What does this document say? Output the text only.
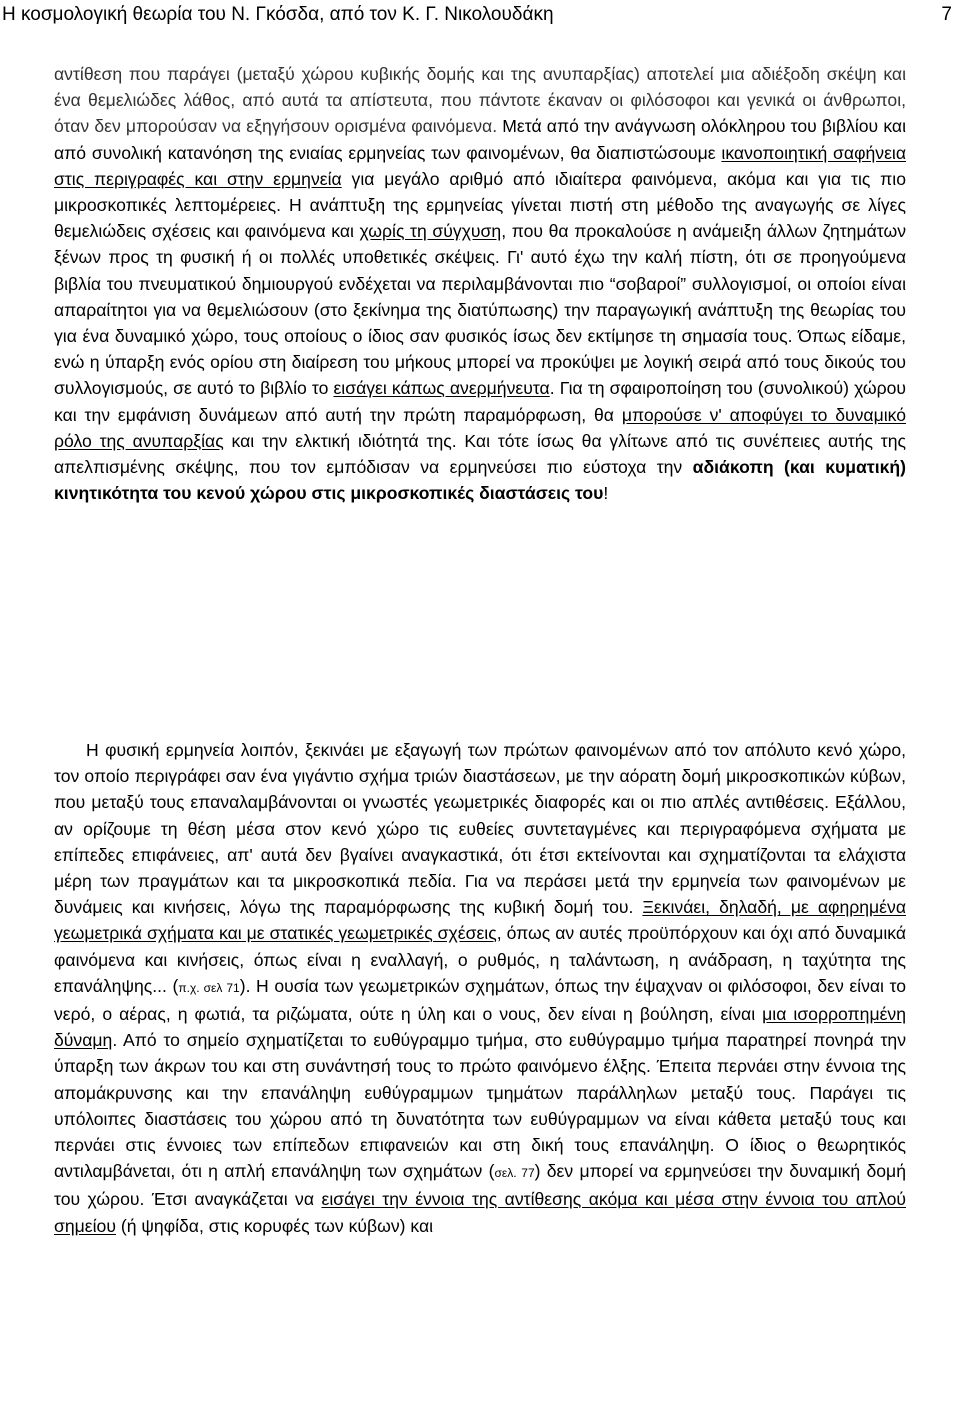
Η κοσμολογική θεωρία του Ν. Γκόσδα, από τον Κ. Γ. Νικολουδάκη	7

αντίθεση που παράγει (μεταξύ χώρου κυβικής δομής και της ανυπαρξίας) αποτελεί μια αδιέξοδη σκέψη και ένα θεμελιώδες λάθος, από αυτά τα απίστευτα, που πάντοτε έκαναν οι φιλόσοφοι και γενικά οι άνθρωποι, όταν δεν μπορούσαν να εξηγήσουν ορισμένα φαινόμενα. Μετά από την ανάγνωση ολόκληρου του βιβλίου και από συνολική κατανόηση της ενιαίας ερμηνείας των φαινομένων, θα διαπιστώσουμε ικανοποιητική σαφήνεια στις περιγραφές και στην ερμηνεία για μεγάλο αριθμό από ιδιαίτερα φαινόμενα, ακόμα και για τις πιο μικροσκοπικές λεπτομέρειες. Η ανάπτυξη της ερμηνείας γίνεται πιστή στη μέθοδο της αναγωγής σε λίγες θεμελιώδεις σχέσεις και φαινόμενα και χωρίς τη σύγχυση, που θα προκαλούσε η ανάμειξη άλλων ζητημάτων ξένων προς τη φυσική ή οι πολλές υποθετικές σκέψεις. Γι' αυτό έχω την καλή πίστη, ότι σε προηγούμενα βιβλία του πνευματικού δημιουργού ενδέχεται να περιλαμβάνονται πιο “σοβαροί” συλλογισμοί, οι οποίοι είναι απαραίτητοι για να θεμελιώσουν (στο ξεκίνημα της διατύπωσης) την παραγωγική ανάπτυξη της θεωρίας του για ένα δυναμικό χώρο, τους οποίους ο ίδιος σαν φυσικός ίσως δεν εκτίμησε τη σημασία τους. Όπως είδαμε, ενώ η ύπαρξη ενός ορίου στη διαίρεση του μήκους μπορεί να προκύψει με λογική σειρά από τους δικούς του συλλογισμούς, σε αυτό το βιβλίο το εισάγει κάπως ανερμήνευτα. Για τη σφαιροποίηση του (συνολικού) χώρου και την εμφάνιση δυνάμεων από αυτή την πρώτη παραμόρφωση, θα μπορούσε ν' αποφύγει το δυναμικό ρόλο της ανυπαρξίας και την ελκτική ιδιότητά της. Και τότε ίσως θα γλίτωνε από τις συνέπειες αυτής της απελπισμένης σκέψης, που τον εμπόδισαν να ερμηνεύσει πιο εύστοχα την αδιάκοπη (και κυματική) κινητικότητα του κενού χώρου στις μικροσκοπικές διαστάσεις του!

Η φυσική ερμηνεία λοιπόν, ξεκινάει με εξαγωγή των πρώτων φαινομένων από τον απόλυτο κενό χώρο, τον οποίο περιγράφει σαν ένα γιγάντιο σχήμα τριών διαστάσεων, με την αόρατη δομή μικροσκοπικών κύβων, που μεταξύ τους επαναλαμβάνονται οι γνωστές γεωμετρικές διαφορές και οι πιο απλές αντιθέσεις. Εξάλλου, αν ορίζουμε τη θέση μέσα στον κενό χώρο τις ευθείες συντεταγμένες και περιγραφόμενα σχήματα με επίπεδες επιφάνειες, απ' αυτά δεν βγαίνει αναγκαστικά, ότι έτσι εκτείνονται και σχηματίζονται τα ελάχιστα μέρη των πραγμάτων και τα μικροσκοπικά πεδία. Για να περάσει μετά την ερμηνεία των φαινομένων με δυνάμεις και κινήσεις, λόγω της παραμόρφωσης της κυβική δομή του. Ξεκινάει, δηλαδή, με αφηρημένα γεωμετρικά σχήματα και με στατικές γεωμετρικές σχέσεις, όπως αν αυτές προϋπόρχουν και όχι από δυναμικά φαινόμενα και κινήσεις, όπως είναι η εναλλαγή, ο ρυθμός, η ταλάντωση, η ανάδραση, η ταχύτητα της επανάληψης... (π.χ. σελ 71). Η ουσία των γεωμετρικών σχημάτων, όπως την έψαχναν οι φιλόσοφοι, δεν είναι το νερό, ο αέρας, η φωτιά, τα ριζώματα, ούτε η ύλη και ο νους, δεν είναι η βούληση, είναι μια ισορροπημένη δύναμη. Από το σημείο σχηματίζεται το ευθύγραμμο τμήμα, στο ευθύγραμμο τμήμα παρατηρεί πονηρά την ύπαρξη των άκρων του και στη συνάντησή τους το πρώτο φαινόμενο έλξης. Έπειτα περνάει στην έννοια της απομάκρυνσης και την επανάληψη ευθύγραμμων τμημάτων παράλληλων μεταξύ τους. Παράγει τις υπόλοιπες διαστάσεις του χώρου από τη δυνατότητα των ευθύγραμμων να είναι κάθετα μεταξύ τους και περνάει στις έννοιες των επίπεδων επιφανειών και στη δική τους επανάληψη. Ο ίδιος ο θεωρητικός αντιλαμβάνεται, ότι η απλή επανάληψη των σχημάτων (σελ. 77) δεν μπορεί να ερμηνεύσει την δυναμική δομή του χώρου. Έτσι αναγκάζεται να εισάγει την έννοια της αντίθεσης ακόμα και μέσα στην έννοια του απλού σημείου (ή ψηφίδα, στις κορυφές των κύβων) και
